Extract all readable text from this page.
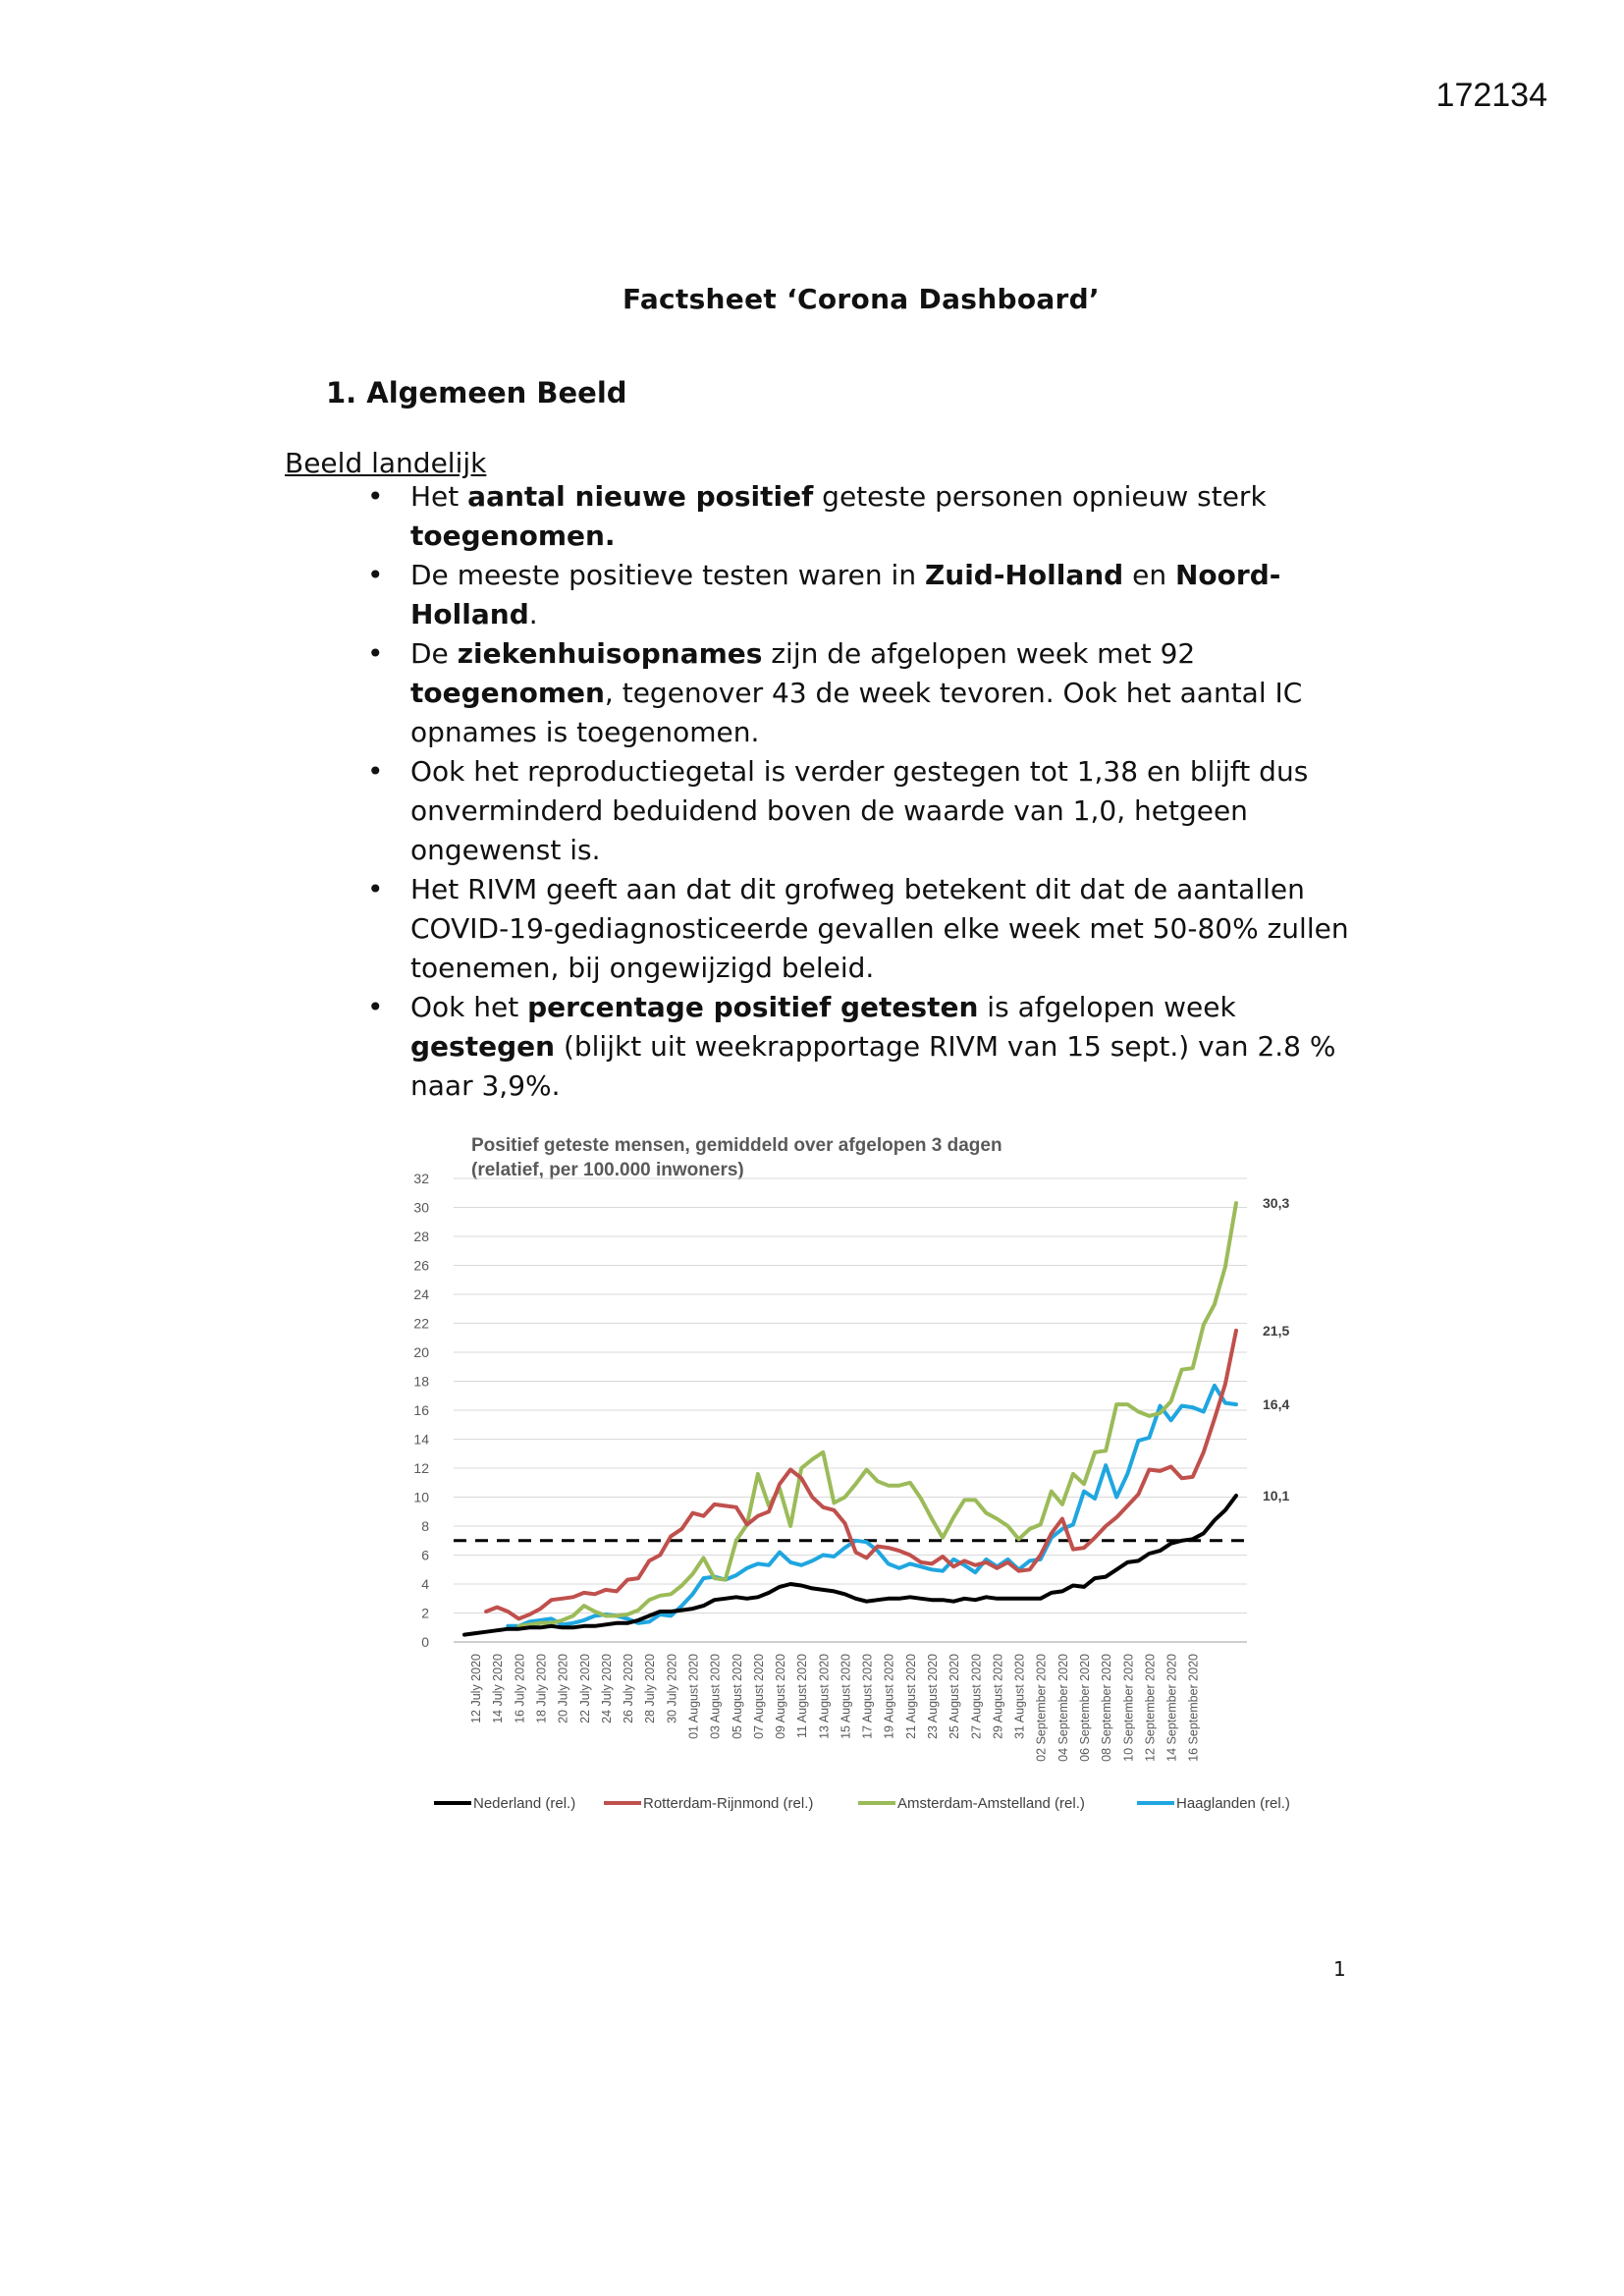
172134
Factsheet ‘Corona Dashboard’
1. Algemeen Beeld
Beeld landelijk
• Het aantal nieuwe positief geteste personen opnieuw sterk toegenomen.
• De meeste positieve testen waren in Zuid-Holland en Noord-Holland.
• De ziekenhuisopnames zijn de afgelopen week met 92 toegenomen, tegenover 43 de week tevoren. Ook het aantal IC opnames is toegenomen.
• Ook het reproductiegetal is verder gestegen tot 1,38 en blijft dus onverminderd beduidend boven de waarde van 1,0, hetgeen ongewenst is.
• Het RIVM geeft aan dat dit grofweg betekent dit dat de aantallen COVID-19-gediagnosticeerde gevallen elke week met 50-80% zullen toenemen, bij ongewijzigd beleid.
• Ook het percentage positief getesten is afgelopen week gestegen (blijkt uit weekrapportage RIVM van 15 sept.) van 2.8 % naar 3,9%.
Positief geteste mensen, gemiddeld over afgelopen 3 dagen
(relatief, per 100.000 inwoners)
0
2
4
6
8
10
12
14
16
18
20
22
24
26
28
30
32
12 July 2020 14 July 2020 16 July 2020 18 July 2020 20 July 2020 22 July 2020 24 July 2020 26 July 2020 28 July 2020 30 July 2020 01 August 2020 03 August 2020 05 August 2020 07 August 2020 09 August 2020 11 August 2020 13 August 2020 15 August 2020 17 August 2020 19 August 2020 21 August 2020 23 August 2020 25 August 2020 27 August 2020 29 August 2020 31 August 2020 02 September 2020 04 September 2020 06 September 2020 08 September 2020 10 September 2020 12 September 2020 14 September 2020 16 September 2020
16,4
30,3
21,5
10,1
Nederland (rel.)	Rotterdam-Rijnmond (rel.)	Amsterdam-Amstelland (rel.)	Haaglanden (rel.)
1
